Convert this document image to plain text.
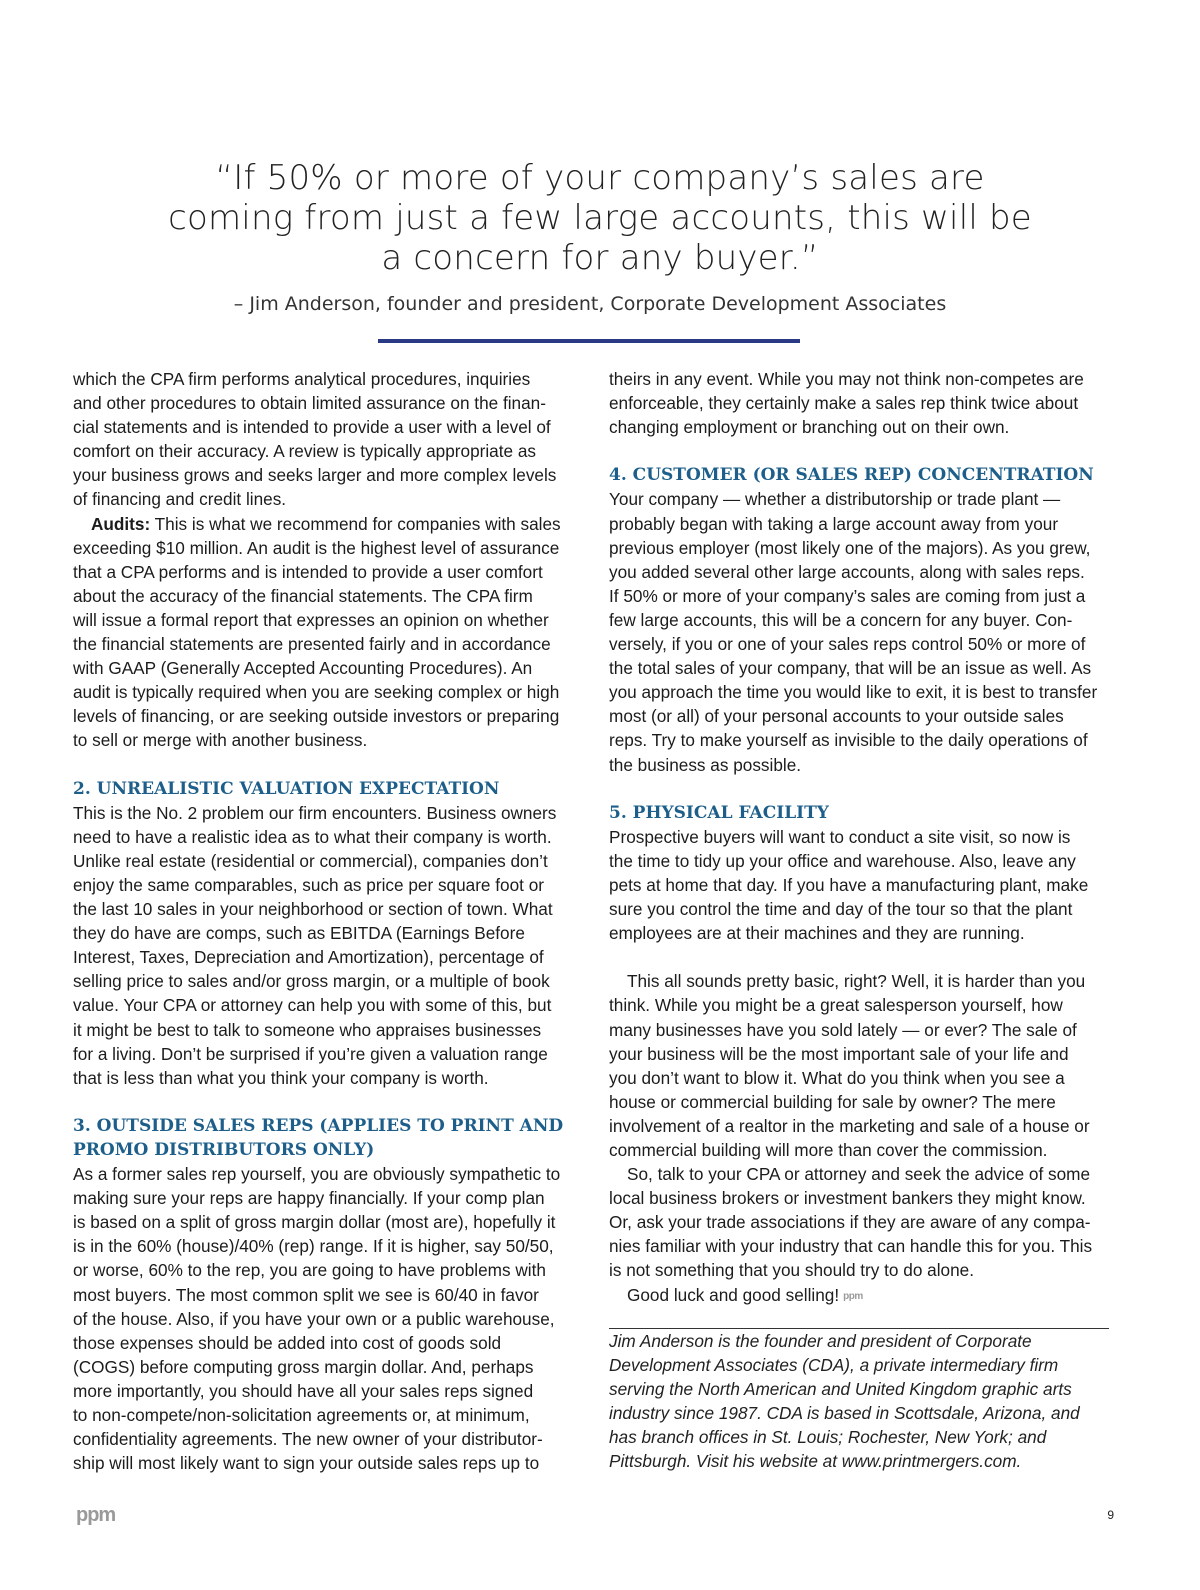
“If 50% or more of your company’s sales are
coming from just a few large accounts, this will be
a concern for any buyer.”
– Jim Anderson, founder and president, Corporate Development Associates

which the CPA firm performs analytical procedures, inquiries
and other procedures to obtain limited assurance on the finan-
cial statements and is intended to provide a user with a level of
comfort on their accuracy. A review is typically appropriate as
your business grows and seeks larger and more complex levels
of financing and credit lines.

Audits: This is what we recommend for companies with sales
exceeding $10 million. An audit is the highest level of assurance
that a CPA performs and is intended to provide a user comfort
about the accuracy of the financial statements. The CPA firm
will issue a formal report that expresses an opinion on whether
the financial statements are presented fairly and in accordance
with GAAP (Generally Accepted Accounting Procedures). An
audit is typically required when you are seeking complex or high
levels of financing, or are seeking outside investors or preparing
to sell or merge with another business.

2. UNREALISTIC VALUATION EXPECTATION

This is the No. 2 problem our firm encounters. Business owners
need to have a realistic idea as to what their company is worth.
Unlike real estate (residential or commercial), companies don’t
enjoy the same comparables, such as price per square foot or
the last 10 sales in your neighborhood or section of town. What
they do have are comps, such as EBITDA (Earnings Before
Interest, Taxes, Depreciation and Amortization), percentage of
selling price to sales and/or gross margin, or a multiple of book
value. Your CPA or attorney can help you with some of this, but
it might be best to talk to someone who appraises businesses
for a living. Don’t be surprised if you’re given a valuation range
that is less than what you think your company is worth.

3. OUTSIDE SALES REPS (APPLIES TO PRINT AND
PROMO DISTRIBUTORS ONLY)

As a former sales rep yourself, you are obviously sympathetic to
making sure your reps are happy financially. If your comp plan
is based on a split of gross margin dollar (most are), hopefully it
is in the 60% (house)/40% (rep) range. If it is higher, say 50/50,
or worse, 60% to the rep, you are going to have problems with
most buyers. The most common split we see is 60/40 in favor
of the house. Also, if you have your own or a public warehouse,
those expenses should be added into cost of goods sold
(COGS) before computing gross margin dollar. And, perhaps
more importantly, you should have all your sales reps signed
to non-compete/non-solicitation agreements or, at minimum,
confidentiality agreements. The new owner of your distributor-
ship will most likely want to sign your outside sales reps up to

theirs in any event. While you may not think non-competes are
enforceable, they certainly make a sales rep think twice about
changing employment or branching out on their own.

4. CUSTOMER (OR SALES REP) CONCENTRATION

Your company — whether a distributorship or trade plant —
probably began with taking a large account away from your
previous employer (most likely one of the majors). As you grew,
you added several other large accounts, along with sales reps.
If 50% or more of your company’s sales are coming from just a
few large accounts, this will be a concern for any buyer. Con-
versely, if you or one of your sales reps control 50% or more of
the total sales of your company, that will be an issue as well. As
you approach the time you would like to exit, it is best to transfer
most (or all) of your personal accounts to your outside sales
reps. Try to make yourself as invisible to the daily operations of
the business as possible.

5. PHYSICAL FACILITY

Prospective buyers will want to conduct a site visit, so now is
the time to tidy up your office and warehouse. Also, leave any
pets at home that day. If you have a manufacturing plant, make
sure you control the time and day of the tour so that the plant
employees are at their machines and they are running.

This all sounds pretty basic, right? Well, it is harder than you
think. While you might be a great salesperson yourself, how
many businesses have you sold lately — or ever? The sale of
your business will be the most important sale of your life and
you don’t want to blow it. What do you think when you see a
house or commercial building for sale by owner? The mere
involvement of a realtor in the marketing and sale of a house or
commercial building will more than cover the commission.

So, talk to your CPA or attorney and seek the advice of some
local business brokers or investment bankers they might know.
Or, ask your trade associations if they are aware of any compa-
nies familiar with your industry that can handle this for you. This
is not something that you should try to do alone.

Good luck and good selling! ppm

Jim Anderson is the founder and president of Corporate
Development Associates (CDA), a private intermediary firm
serving the North American and United Kingdom graphic arts
industry since 1987. CDA is based in Scottsdale, Arizona, and
has branch offices in St. Louis; Rochester, New York; and
Pittsburgh. Visit his website at www.printmergers.com.

ppm	9
